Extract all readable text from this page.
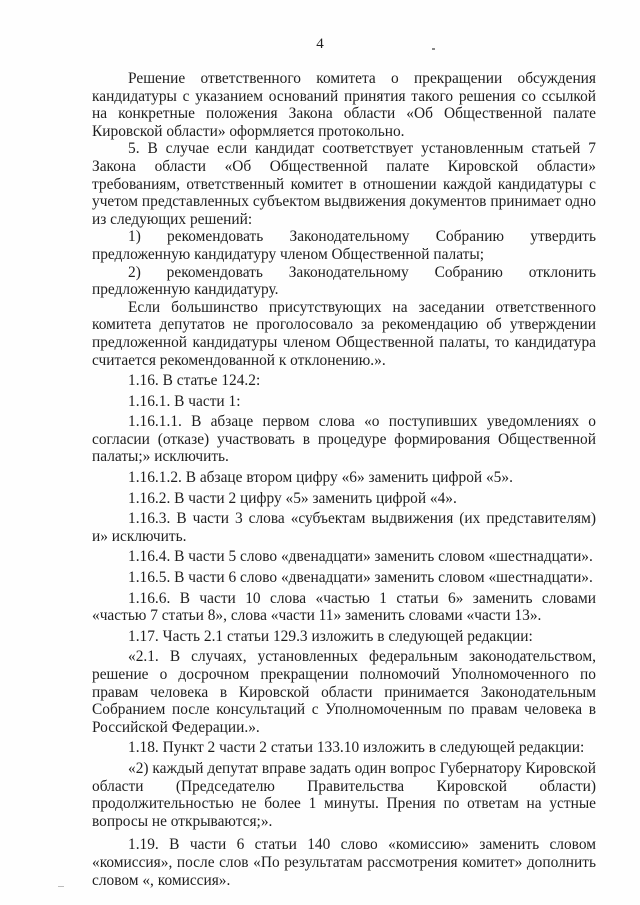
4

Решение ответственного комитета о прекращении обсуждения кандидатуры с указанием оснований принятия такого решения со ссылкой на конкретные положения Закона области «Об Общественной палате Кировской области» оформляется протокольно.

5. В случае если кандидат соответствует установленным статьей 7 Закона области «Об Общественной палате Кировской области» требованиям, ответственный комитет в отношении каждой кандидатуры с учетом представленных субъектом выдвижения документов принимает одно из следующих решений:

1) рекомендовать Законодательному Собранию утвердить предложенную кандидатуру членом Общественной палаты;

2) рекомендовать Законодательному Собранию отклонить предложенную кандидатуру.

Если большинство присутствующих на заседании ответственного комитета депутатов не проголосовало за рекомендацию об утверждении предложенной кандидатуры членом Общественной палаты, то кандидатура считается рекомендованной к отклонению.».

1.16. В статье 124.2:

1.16.1. В части 1:

1.16.1.1. В абзаце первом слова «о поступивших уведомлениях о согласии (отказе) участвовать в процедуре формирования Общественной палаты;» исключить.

1.16.1.2. В абзаце втором цифру «6» заменить цифрой «5».

1.16.2. В части 2 цифру «5» заменить цифрой «4».

1.16.3. В части 3 слова «субъектам выдвижения (их представителям) и» исключить.

1.16.4. В части 5 слово «двенадцати» заменить словом «шестнадцати».

1.16.5. В части 6 слово «двенадцати» заменить словом «шестнадцати».

1.16.6. В части 10 слова «частью 1 статьи 6» заменить словами «частью 7 статьи 8», слова «части 11» заменить словами «части 13».

1.17. Часть 2.1 статьи 129.3 изложить в следующей редакции:

«2.1. В случаях, установленных федеральным законодательством, решение о досрочном прекращении полномочий Уполномоченного по правам человека в Кировской области принимается Законодательным Собранием после консультаций с Уполномоченным по правам человека в Российской Федерации.».

1.18. Пункт 2 части 2 статьи 133.10 изложить в следующей редакции:

«2) каждый депутат вправе задать один вопрос Губернатору Кировской области (Председателю Правительства Кировской области) продолжительностью не более 1 минуты. Прения по ответам на устные вопросы не открываются;».

1.19. В части 6 статьи 140 слово «комиссию» заменить словом «комиссия», после слов «По результатам рассмотрения комитет» дополнить словом «, комиссия».
